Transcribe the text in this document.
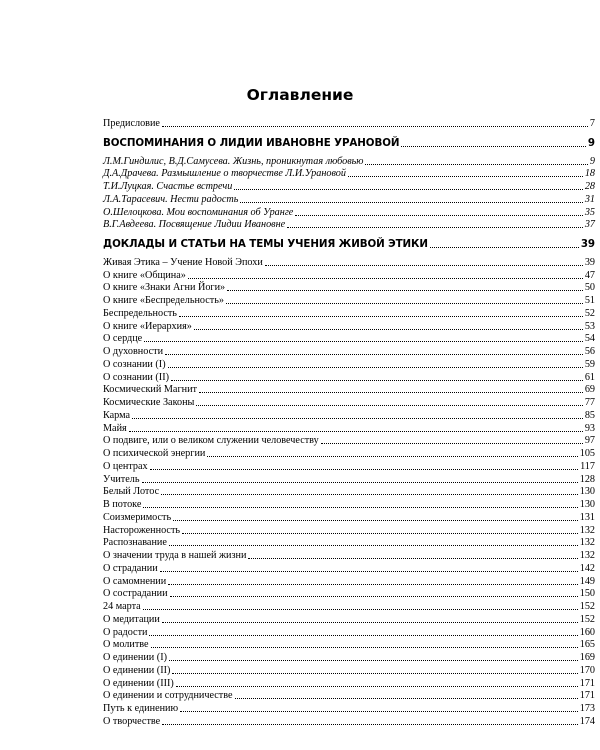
Оглавление
Предисловие	7
ВОСПОМИНАНИЯ О ЛИДИИ ИВАНОВНЕ УРАНОВОЙ	9
Л.М.Гиндилис, В.Д.Самусева. Жизнь, проникнутая любовью	9
Д.А.Драчева. Размышление о творчестве Л.И.Урановой	18
Т.И.Луцкая. Счастье встречи	28
Л.А.Тарасевич. Нести радость	31
О.Шелоцкова. Мои воспоминания об Уранге	35
В.Г.Авдеева. Посвящение Лидии Ивановне	37
ДОКЛАДЫ И СТАТЬИ НА ТЕМЫ УЧЕНИЯ ЖИВОЙ ЭТИКИ	39
Живая Этика – Учение Новой Эпохи	39
О книге «Община»	47
О книге «Знаки Агни Йоги»	50
О книге «Беспредельность»	51
Беспредельность	52
О книге «Иерархия»	53
О сердце	54
О духовности	56
О сознании (I)	59
О сознании (II)	61
Космический Магнит	69
Космические Законы	77
Карма	85
Майя	93
О подвиге, или о великом служении человечеству	97
О психической энергии	105
О центрах	117
Учитель	128
Белый Лотос	130
В потоке	130
Соизмеримость	131
Настороженность	132
Распознавание	132
О значении труда в нашей жизни	132
О страдании	142
О самомнении	149
О сострадании	150
24 марта	152
О медитации	152
О радости	160
О молитве	165
О единении (I)	169
О единении (II)	170
О единении (III)	171
О единении и сотрудничестве	171
Путь к единению	173
О творчестве	174
